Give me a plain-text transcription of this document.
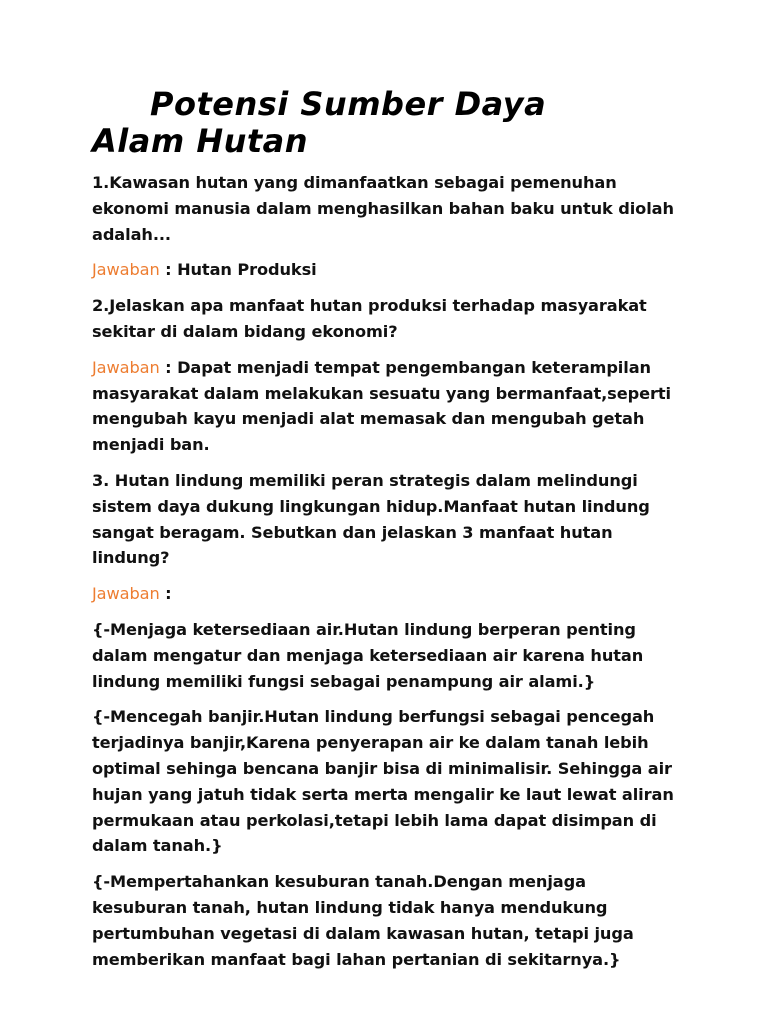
Potensi Sumber Daya
Alam Hutan

1.Kawasan hutan yang dimanfaatkan sebagai pemenuhan ekonomi manusia dalam menghasilkan bahan baku untuk diolah adalah...

Jawaban : Hutan Produksi

2.Jelaskan apa manfaat hutan produksi terhadap masyarakat sekitar di dalam bidang ekonomi?

Jawaban : Dapat menjadi tempat pengembangan keterampilan masyarakat dalam melakukan sesuatu yang bermanfaat,seperti mengubah kayu menjadi alat memasak dan mengubah getah menjadi ban.

3. Hutan lindung memiliki peran strategis dalam melindungi sistem daya dukung lingkungan hidup.Manfaat hutan lindung sangat beragam. Sebutkan dan jelaskan 3 manfaat hutan lindung?

Jawaban :

{-Menjaga ketersediaan air.Hutan lindung berperan penting dalam mengatur dan menjaga ketersediaan air karena hutan lindung memiliki fungsi sebagai penampung air alami.}

{-Mencegah banjir.Hutan lindung berfungsi sebagai pencegah terjadinya banjir,Karena penyerapan air ke dalam tanah lebih optimal sehinga bencana banjir bisa di minimalisir. Sehingga air hujan yang jatuh tidak serta merta mengalir ke laut lewat aliran permukaan atau perkolasi,tetapi lebih lama dapat disimpan di dalam tanah.}

{-Mempertahankan kesuburan tanah.Dengan menjaga kesuburan tanah, hutan lindung tidak hanya mendukung pertumbuhan vegetasi di dalam kawasan hutan, tetapi juga memberikan manfaat bagi lahan pertanian di sekitarnya.}
